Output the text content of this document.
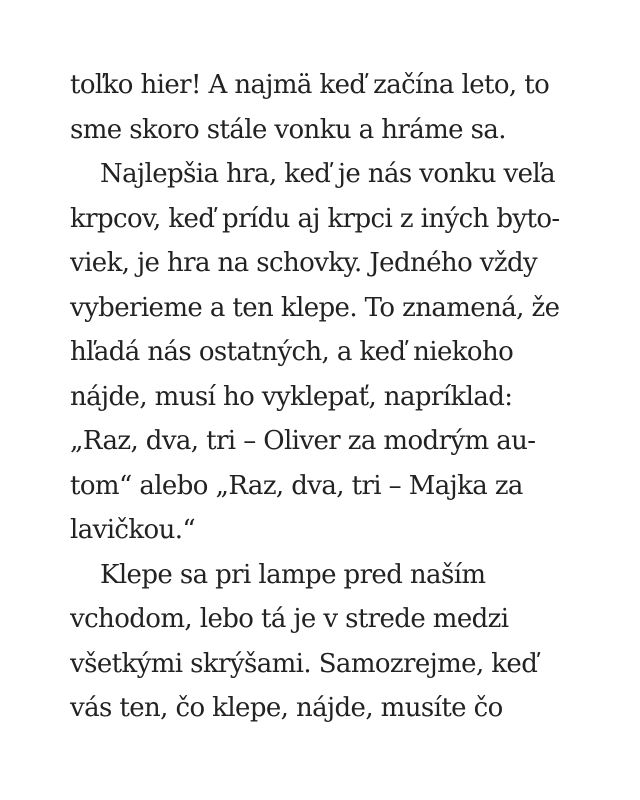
toľko hier! A najmä keď začína leto, to
sme skoro stále vonku a hráme sa.
Najlepšia hra, keď je nás vonku veľa
krpcov, keď prídu aj krpci z iných byto-
viek, je hra na schovky. Jedného vždy
vyberieme a ten klepe. To znamená, že
hľadá nás ostatných, a keď niekoho
nájde, musí ho vyklepať, napríklad:
„Raz, dva, tri – Oliver za modrým au-
tom“ alebo „Raz, dva, tri – Majka za
lavičkou.“
Klepe sa pri lampe pred naším
vchodom, lebo tá je v strede medzi
všetkými skrýšami. Samozrejme, keď
vás ten, čo klepe, nájde, musíte čo
